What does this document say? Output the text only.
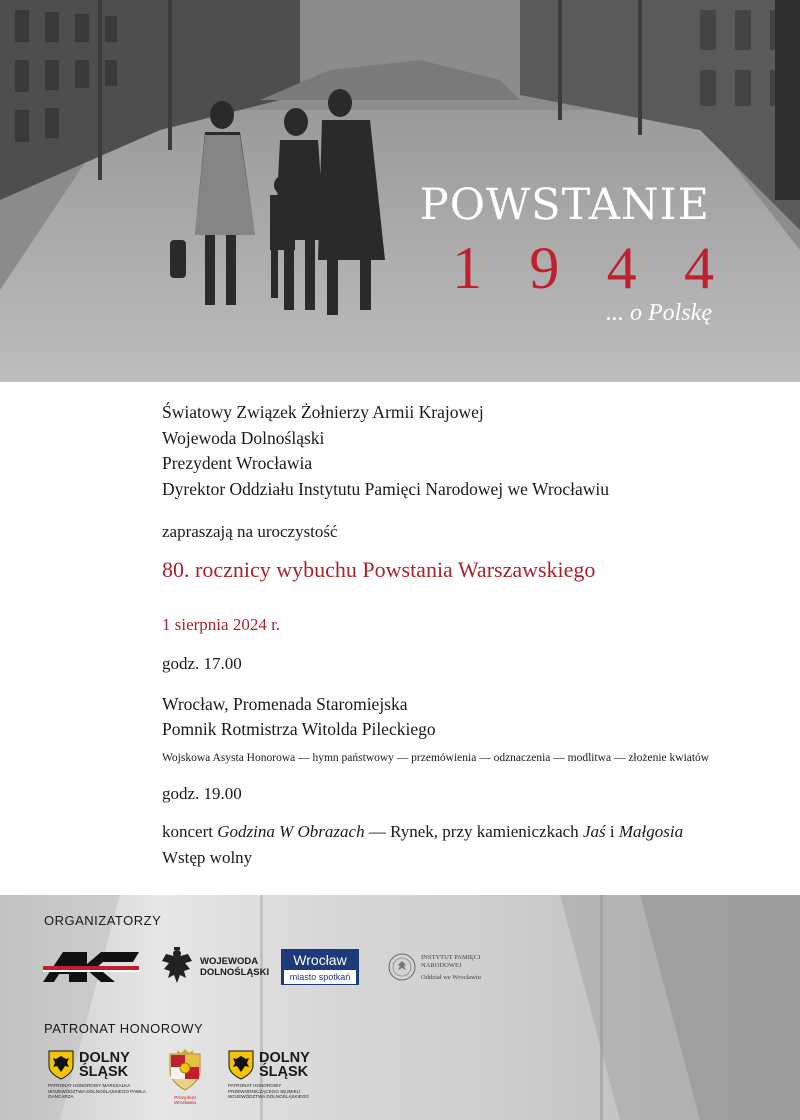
POWSTANIE
1 9 4 4
... o Polskę
Światowy Związek Żołnierzy Armii Krajowej
Wojewoda Dolnośląski
Prezydent Wrocławia
Dyrektor Oddziału Instytutu Pamięci Narodowej we Wrocławiu
zapraszają na uroczystość
80. rocznicy wybuchu Powstania Warszawskiego
1 sierpnia 2024 r.
godz. 17.00
Wrocław, Promenada Staromiejska
Pomnik Rotmistrza Witolda Pileckiego
Wojskowa Asysta Honorowa — hymn państwowy — przemówienia — odznaczenia — modlitwa — złożenie kwiatów
godz. 19.00
koncert Godzina W Obrazach — Rynek, przy kamieniczkach Jaś i Małgosia
Wstęp wolny
ORGANIZATORZY
WOJEWODA
DOLNOŚLĄSKI
Wrocław
miasto spotkań
INSTYTUT PAMIĘCI
NARODOWEJ
Oddział we Wrocławiu
PATRONAT HONOROWY
DOLNY
ŚLĄSK
PATRONAT HONOROWY MARSZAŁKA WOJEWÓDZTWA DOLNOŚLĄSKIEGO PAWŁA GANCARZA	Prezydent Wrocławia
DOLNY
ŚLĄSK
PATRONAT HONOROWY PRZEWODNICZĄCEGO SEJMIKU WOJEWÓDZTWA DOLNOŚLĄSKIEGO
